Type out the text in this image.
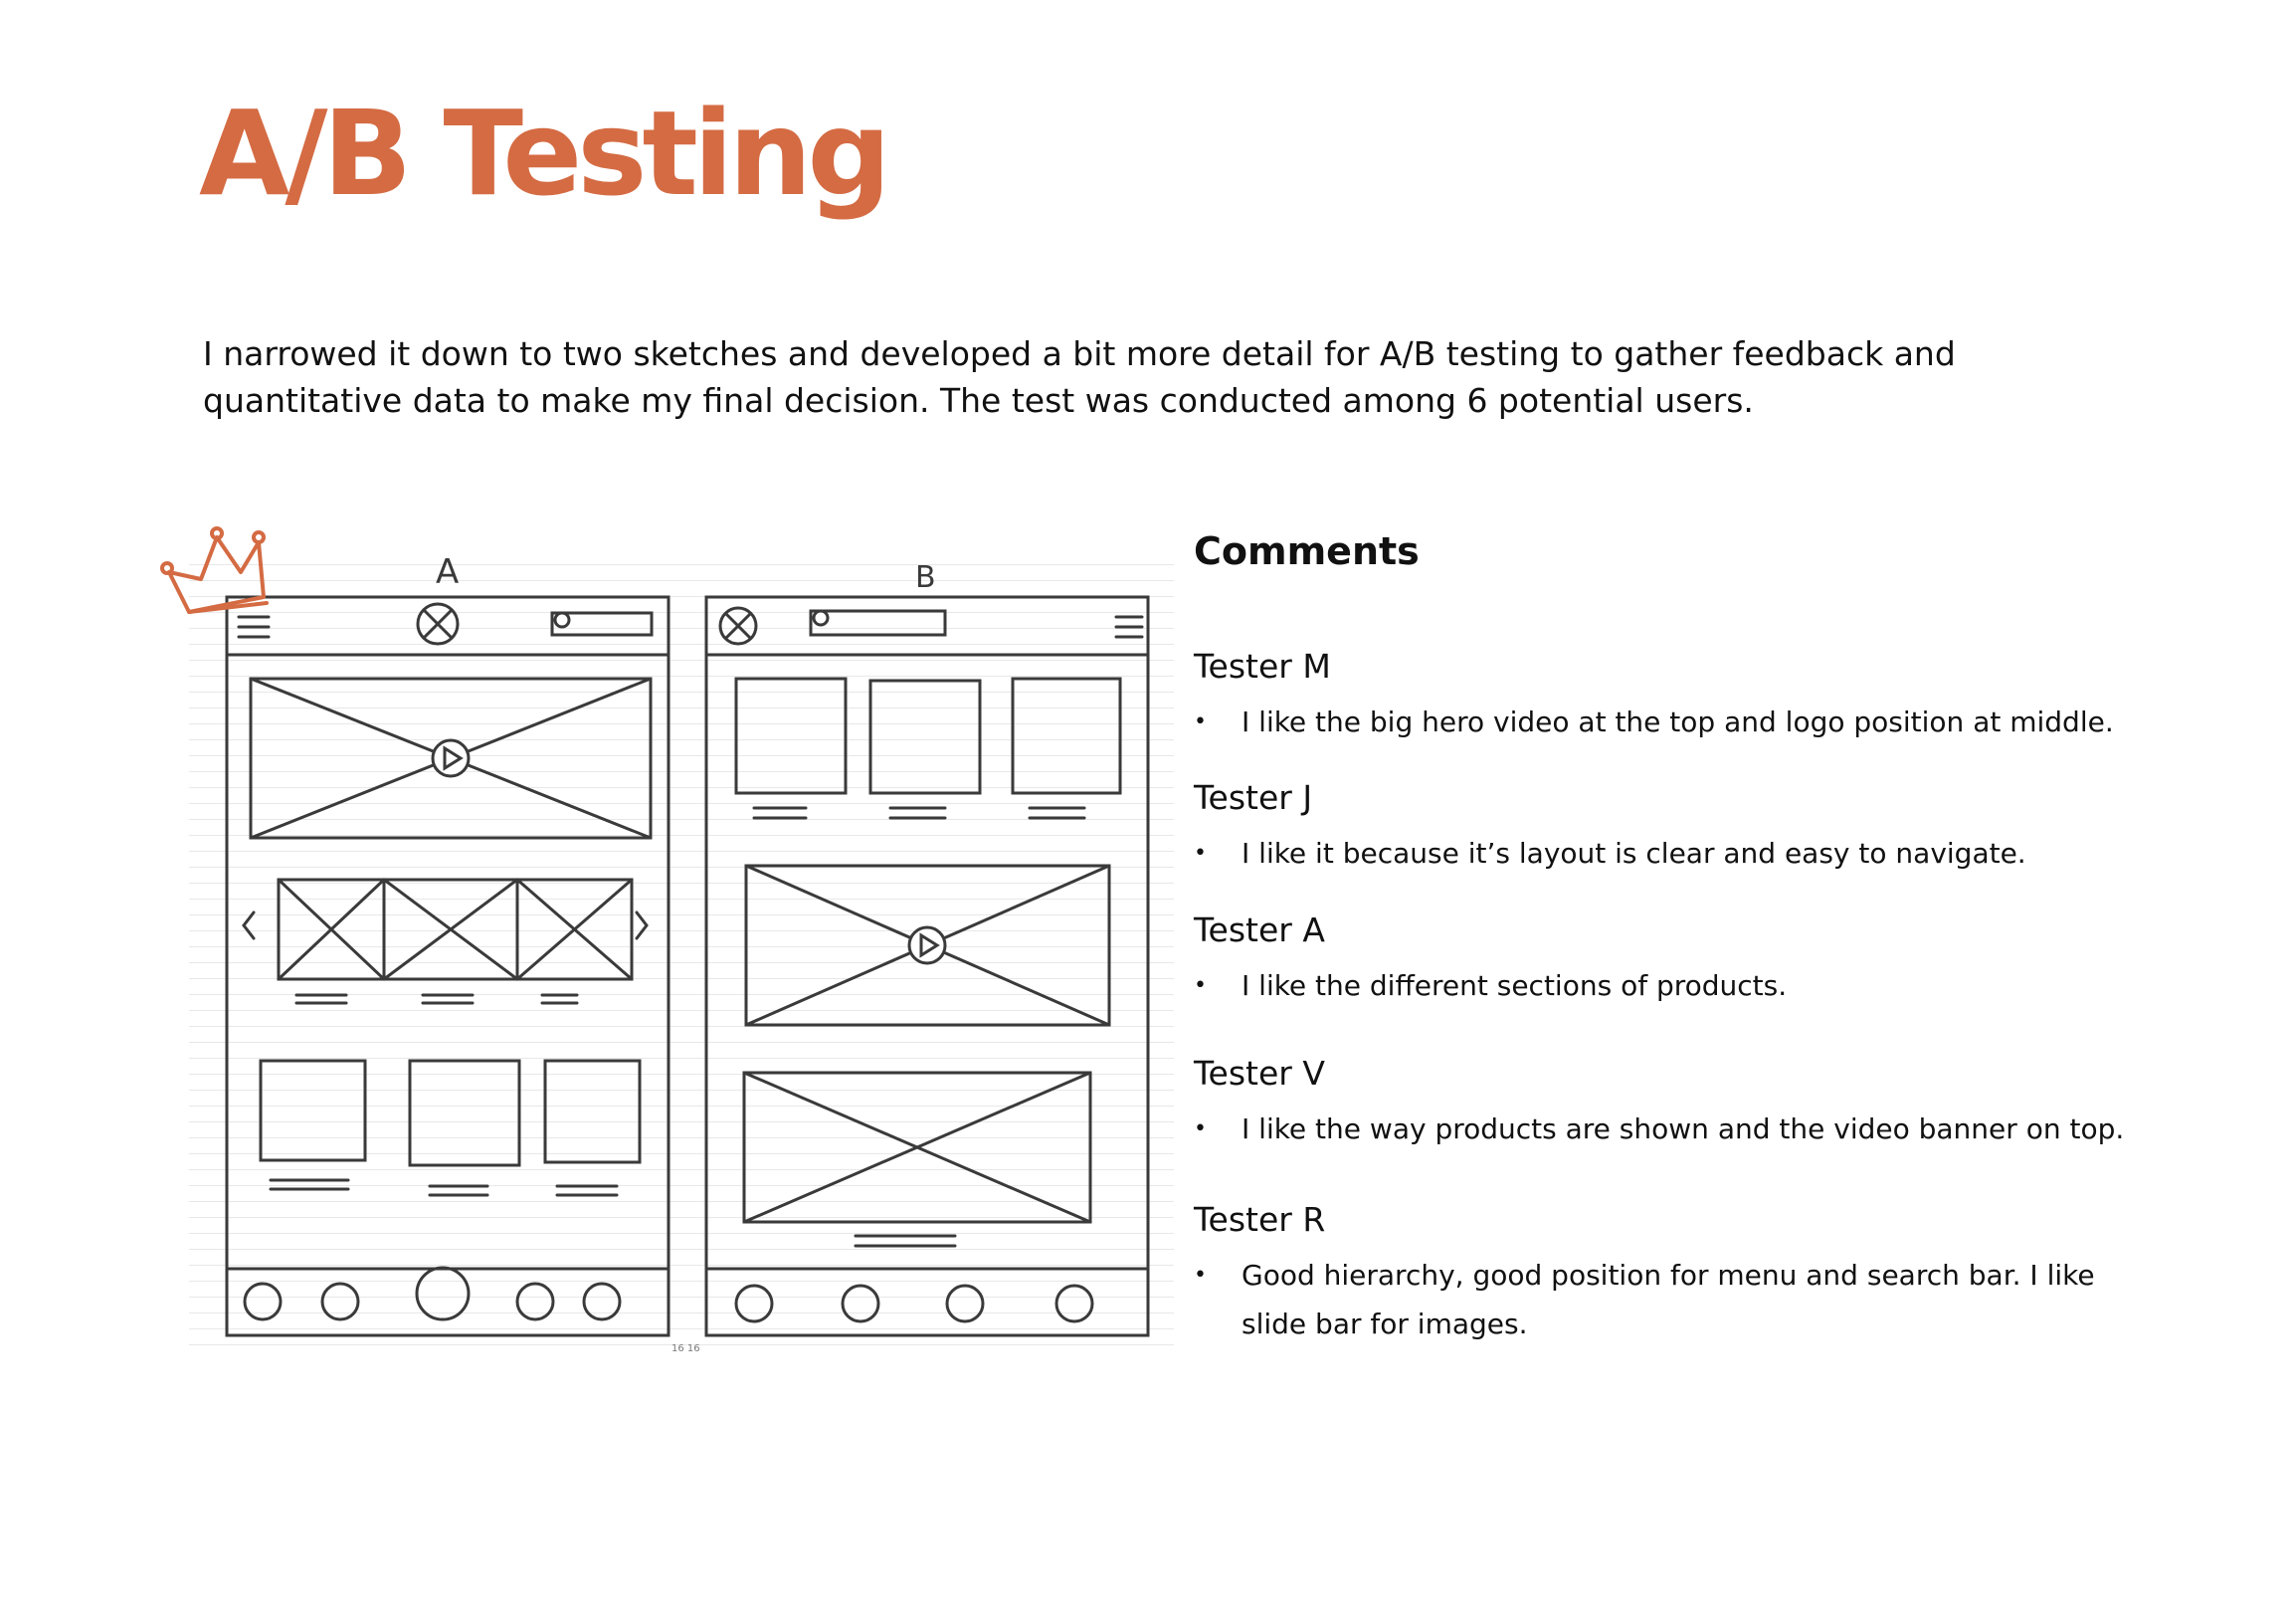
A/B Testing

I narrowed it down to two sketches and developed a bit more detail for A/B testing to gather feedback and quantitative data to make my final decision. The test was conducted among 6 potential users.

A	B
16 16
Comments

Tester M

•	I like the big hero video at the top and logo position at middle.

Tester J

•	I like it because it’s layout is clear and easy to navigate.

Tester A

•	I like the different sections of products.

Tester V

•	I like the way products are shown and the video banner on top.

Tester R

•	Good hierarchy, good position for menu and search bar. I like slide bar for images.
